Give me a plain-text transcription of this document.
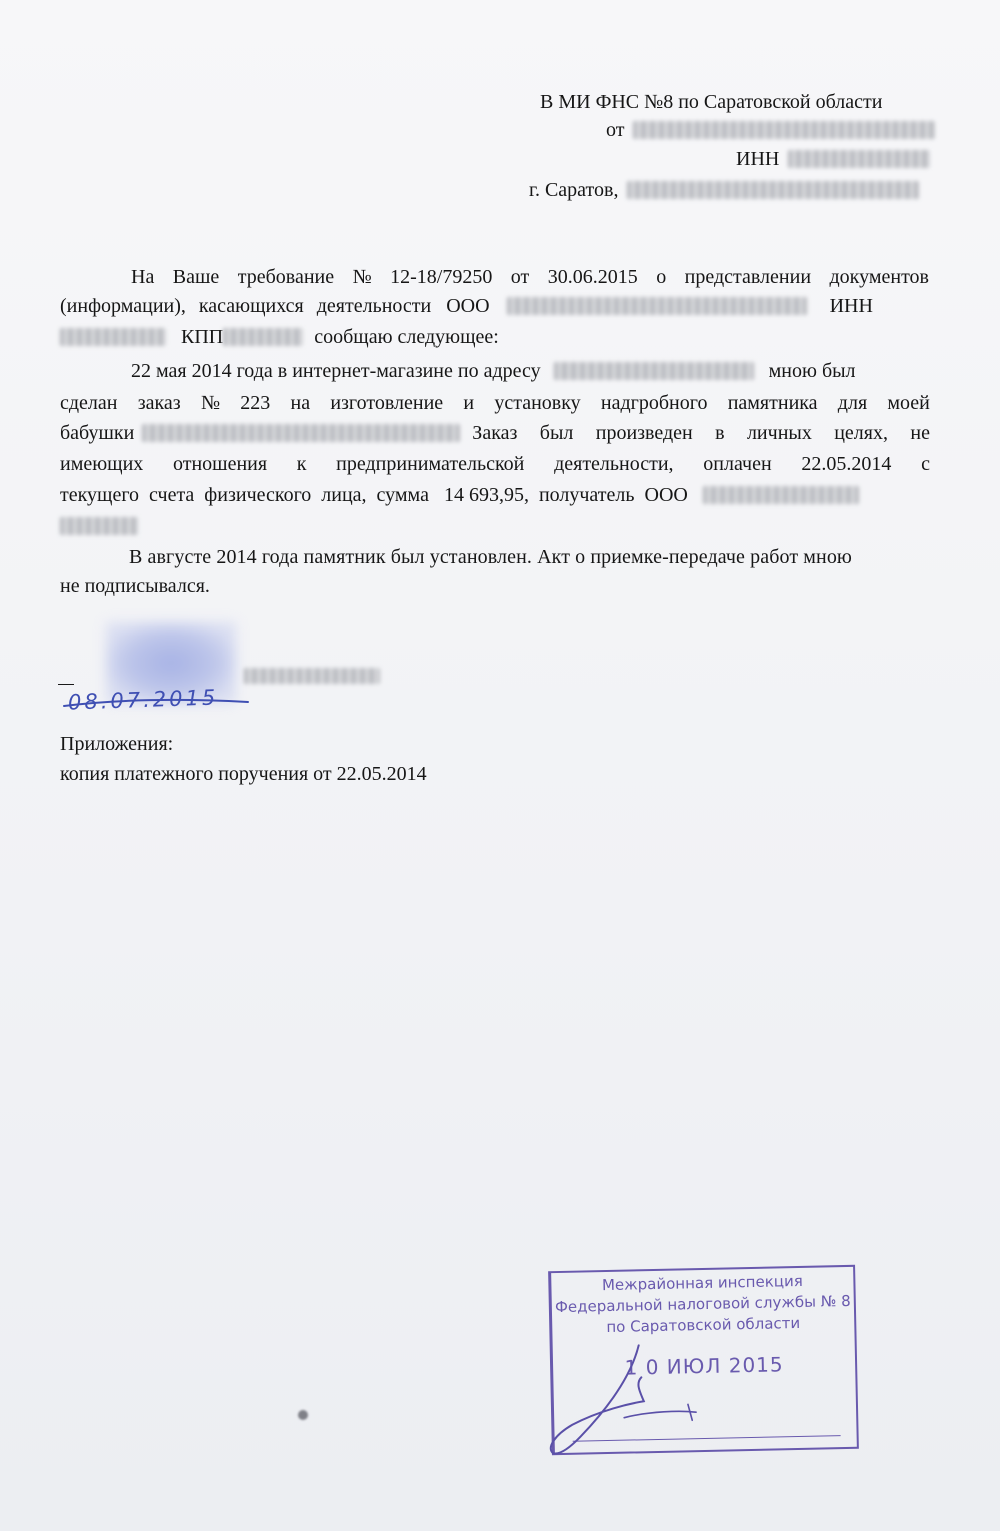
В МИ ФНС №8 по Саратовской области
от
ИНН
г. Саратов,
На Ваше требование № 12-18/79250 от 30.06.2015 о представлении документов
(информации), касающихся деятельности ООО	ИНН
КПП	сообщаю следующее:
22 мая 2014 года в интернет-магазине по адресу	мною был
сделан заказ № 223 на изготовление и установку надгробного памятника для моей
бабушки	Заказ был произведен в личных целях, не
имеющих отношения к предпринимательской деятельности, оплачен 22.05.2014 с
текущего  счета  физического  лица,  сумма   14 693,95,  получатель  ООО
В августе 2014 года памятник был установлен. Акт о приемке-передаче работ мною
не подписывался.
08.07.2015
Приложения:
копия платежного поручения от 22.05.2014
Межрайонная инспекция
Федеральной налоговой службы № 8
по Саратовской области
1 0 ИЮЛ 2015
